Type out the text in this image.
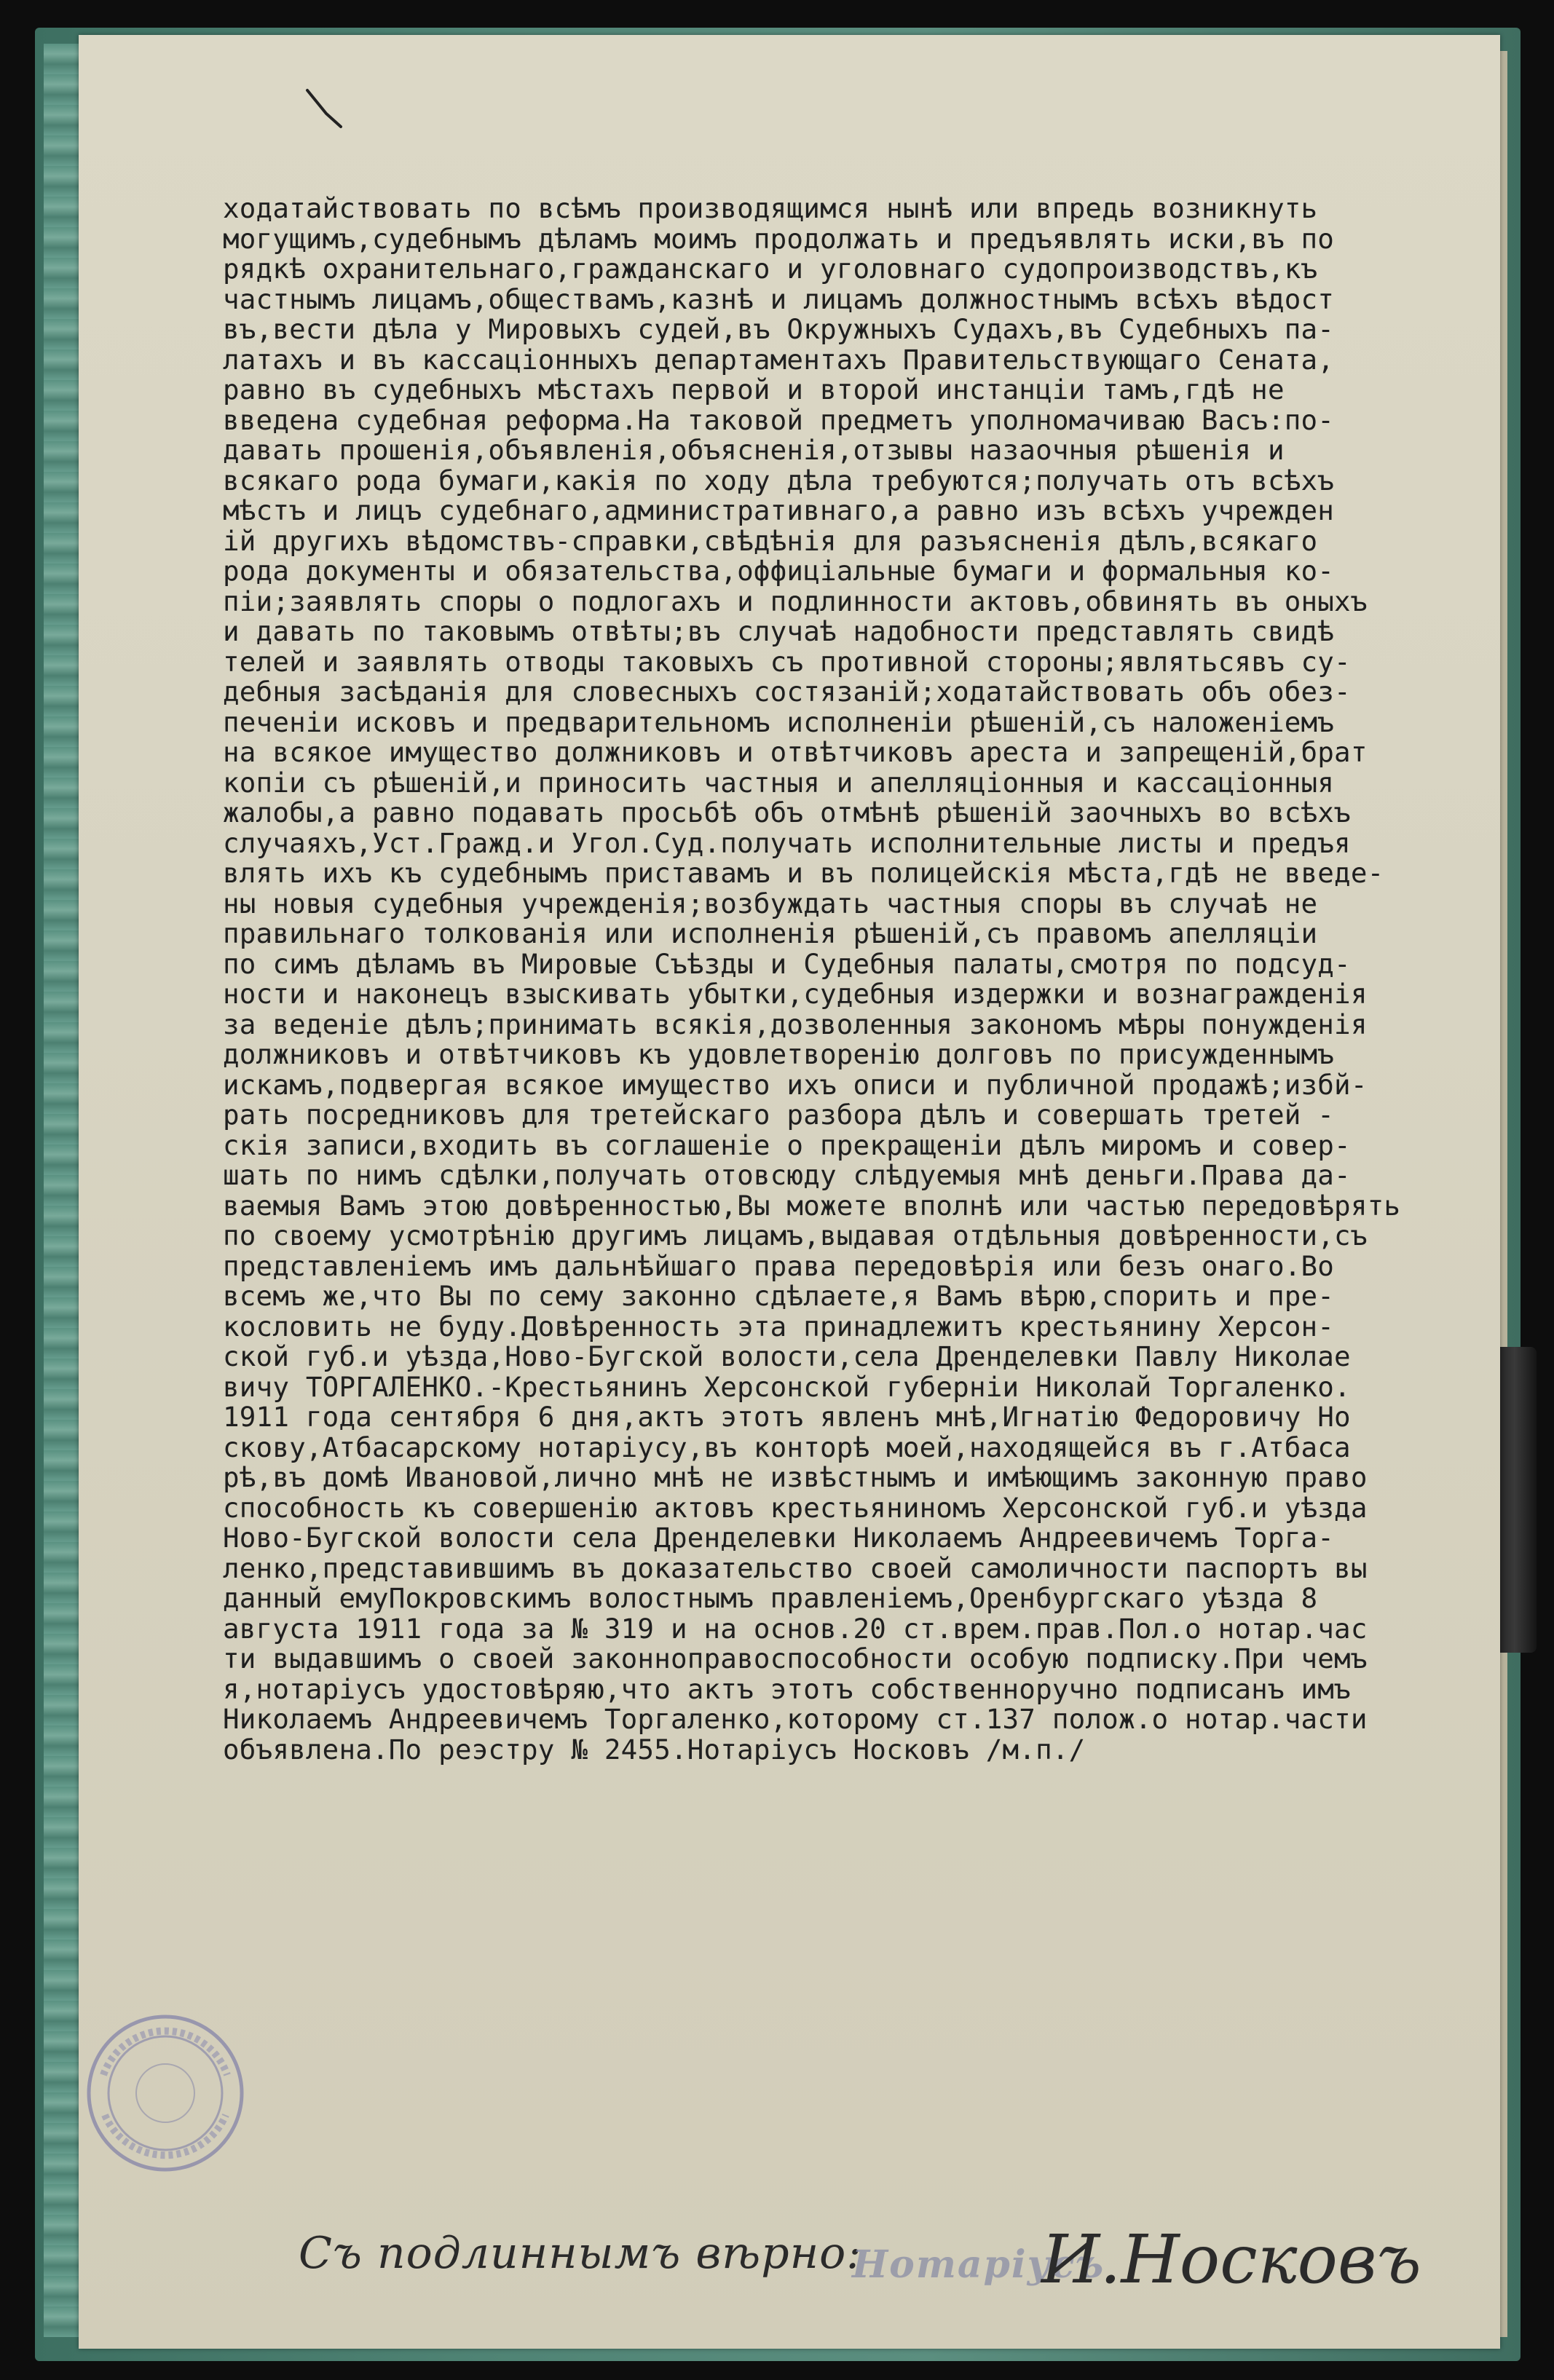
ходатайствовать по всѣмъ производящимся нынѣ или впредь возникнуть
могущимъ,судебнымъ дѣламъ моимъ продолжать и предъявлять иски,въ по
рядкѣ охранительнаго,гражданскаго и уголовнаго судопроизводствъ,къ
частнымъ лицамъ,обществамъ,казнѣ и лицамъ должностнымъ всѣхъ вѣдост
въ,вести дѣла у Мировыхъ судей,въ Окружныхъ Судахъ,въ Судебныхъ па-
латахъ и въ кассаціонныхъ департаментахъ Правительствующаго Сената,
равно въ судебныхъ мѣстахъ первой и второй инстанціи тамъ,гдѣ не
введена судебная реформа.На таковой предметъ уполномачиваю Васъ:по-
давать прошенія,объявленія,объясненія,отзывы назаочныя рѣшенія и
всякаго рода бумаги,какія по ходу дѣла требуются;получать отъ всѣхъ
мѣстъ и лицъ судебнаго,административнаго,а равно изъ всѣхъ учрежден
ій другихъ вѣдомствъ-справки,свѣдѣнія для разъясненія дѣлъ,всякаго
рода документы и обязательства,оффиціальные бумаги и формальныя ко-
піи;заявлять споры о подлогахъ и подлинности актовъ,обвинять въ оныхъ
и давать по таковымъ отвѣты;въ случаѣ надобности представлять свидѣ
телей и заявлять отводы таковыхъ съ противной стороны;являтьсявъ су-
дебныя засѣданія для словесныхъ состязаній;ходатайствовать объ обез-
печеніи исковъ и предварительномъ исполненіи рѣшеній,съ наложеніемъ
на всякое имущество должниковъ и отвѣтчиковъ ареста и запрещеній,брат
копіи съ рѣшеній,и приносить частныя и апелляціонныя и кассаціонныя
жалобы,а равно подавать просьбѣ объ отмѣнѣ рѣшеній заочныхъ во всѣхъ
случаяхъ,Уст.Гражд.и Угол.Суд.получать исполнительные листы и предъя
влять ихъ къ судебнымъ приставамъ и въ полицейскія мѣста,гдѣ не введе-
ны новыя судебныя учрежденія;возбуждать частныя споры въ случаѣ не
правильнаго толкованія или исполненія рѣшеній,съ правомъ апелляціи
по симъ дѣламъ въ Мировые Съѣзды и Судебныя палаты,смотря по подсуд-
ности и наконецъ взыскивать убытки,судебныя издержки и вознагражденія
за веденіе дѣлъ;принимать всякія,дозволенныя закономъ мѣры понужденія
должниковъ и отвѣтчиковъ къ удовлетворенію долговъ по присужденнымъ
искамъ,подвергая всякое имущество ихъ описи и публичной продажѣ;избй-
рать посредниковъ для третейскаго разбора дѣлъ и совершать третей -
скія записи,входить въ соглашеніе о прекращеніи дѣлъ миромъ и совер-
шать по нимъ сдѣлки,получать отовсюду слѣдуемыя мнѣ деньги.Права да-
ваемыя Вамъ этою довѣренностью,Вы можете вполнѣ или частью передовѣрять
по своему усмотрѣнію другимъ лицамъ,выдавая отдѣльныя довѣренности,съ
представленіемъ имъ дальнѣйшаго права передовѣрія или безъ онаго.Во
всемъ же,что Вы по сему законно сдѣлаете,я Вамъ вѣрю,спорить и пре-
кословить не буду.Довѣренность эта принадлежитъ крестьянину Херсон-
ской губ.и уѣзда,Ново-Бугской волости,села Дренделевки Павлу Николае
вичу ТОРГАЛЕНКО.-Крестьянинъ Херсонской губерніи Николай Торгаленко.
1911 года сентября 6 дня,актъ этотъ явленъ мнѣ,Игнатію Федоровичу Но
скову,Атбасарскому нотаріусу,въ конторѣ моей,находящейся въ г.Атбаса
рѣ,въ домѣ Ивановой,лично мнѣ не извѣстнымъ и имѣющимъ законную право
способность къ совершенію актовъ крестьяниномъ Херсонской губ.и уѣзда
Ново-Бугской волости села Дренделевки Николаемъ Андреевичемъ Торга-
ленко,представившимъ въ доказательство своей самоличности паспортъ вы
данный емуПокровскимъ волостнымъ правленіемъ,Оренбургскаго уѣзда 8
августа 1911 года за № 319 и на основ.20 ст.врем.прав.Пол.о нотар.час
ти выдавшимъ о своей законноправоспособности особую подписку.При чемъ
я,нотаріусъ удостовѣряю,что актъ этотъ собственноручно подписанъ имъ
Николаемъ Андреевичемъ Торгаленко,которому ст.137 полож.о нотар.части
объявлена.По реэстру № 2455.Нотаріусъ Носковъ /м.п./
Съ подлиннымъ вѣрно:
Нотаріусъ
И.Носковъ
